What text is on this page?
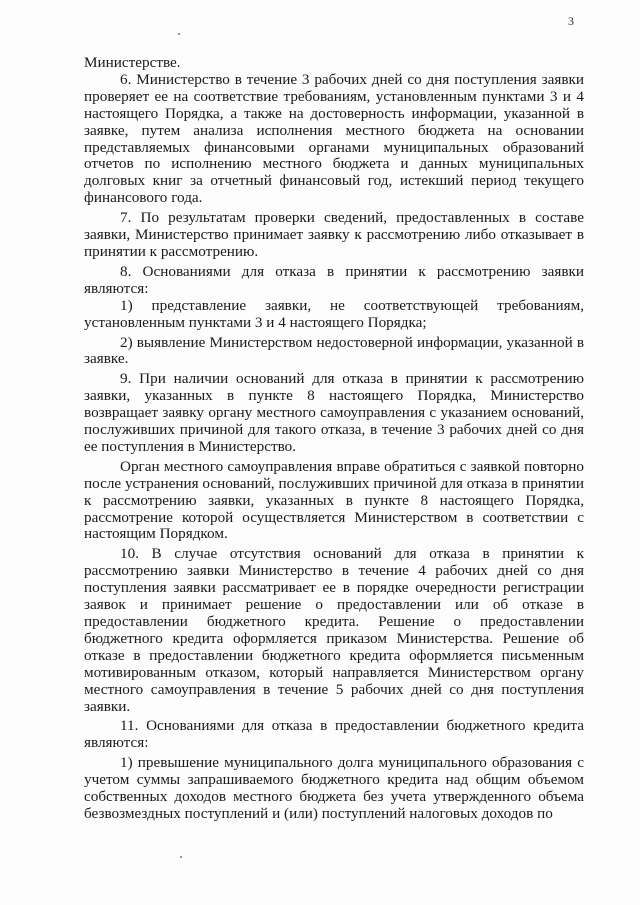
3

Министерстве.

6. Министерство в течение 3 рабочих дней со дня поступления заявки проверяет ее на соответствие требованиям, установленным пунктами 3 и 4 настоящего Порядка, а также на достоверность информации, указанной в заявке, путем анализа исполнения местного бюджета на основании представляемых финансовыми органами муниципальных образований отчетов по исполнению местного бюджета и данных муниципальных долговых книг за отчетный финансовый год, истекший период текущего финансового года.

7. По результатам проверки сведений, предоставленных в составе заявки, Министерство принимает заявку к рассмотрению либо отказывает в принятии к рассмотрению.

8. Основаниями для отказа в принятии к рассмотрению заявки являются:

1) представление заявки, не соответствующей требованиям, установленным пунктами 3 и 4 настоящего Порядка;

2) выявление Министерством недостоверной информации, указанной в заявке.

9. При наличии оснований для отказа в принятии к рассмотрению заявки, указанных в пункте 8 настоящего Порядка, Министерство возвращает заявку органу местного самоуправления с указанием оснований, послуживших причиной для такого отказа, в течение 3 рабочих дней со дня ее поступления в Министерство.

Орган местного самоуправления вправе обратиться с заявкой повторно после устранения оснований, послуживших причиной для отказа в принятии к рассмотрению заявки, указанных в пункте 8 настоящего Порядка, рассмотрение которой осуществляется Министерством в соответствии с настоящим Порядком.

10. В случае отсутствия оснований для отказа в принятии к рассмотрению заявки Министерство в течение 4 рабочих дней со дня поступления заявки рассматривает ее в порядке очередности регистрации заявок и принимает решение о предоставлении или об отказе в предоставлении бюджетного кредита. Решение о предоставлении бюджетного кредита оформляется приказом Министерства. Решение об отказе в предоставлении бюджетного кредита оформляется письменным мотивированным отказом, который направляется Министерством органу местного самоуправления в течение 5 рабочих дней со дня поступления заявки.

11. Основаниями для отказа в предоставлении бюджетного кредита являются:

1) превышение муниципального долга муниципального образования с учетом суммы запрашиваемого бюджетного кредита над общим объемом собственных доходов местного бюджета без учета утвержденного объема безвозмездных поступлений и (или) поступлений налоговых доходов по
